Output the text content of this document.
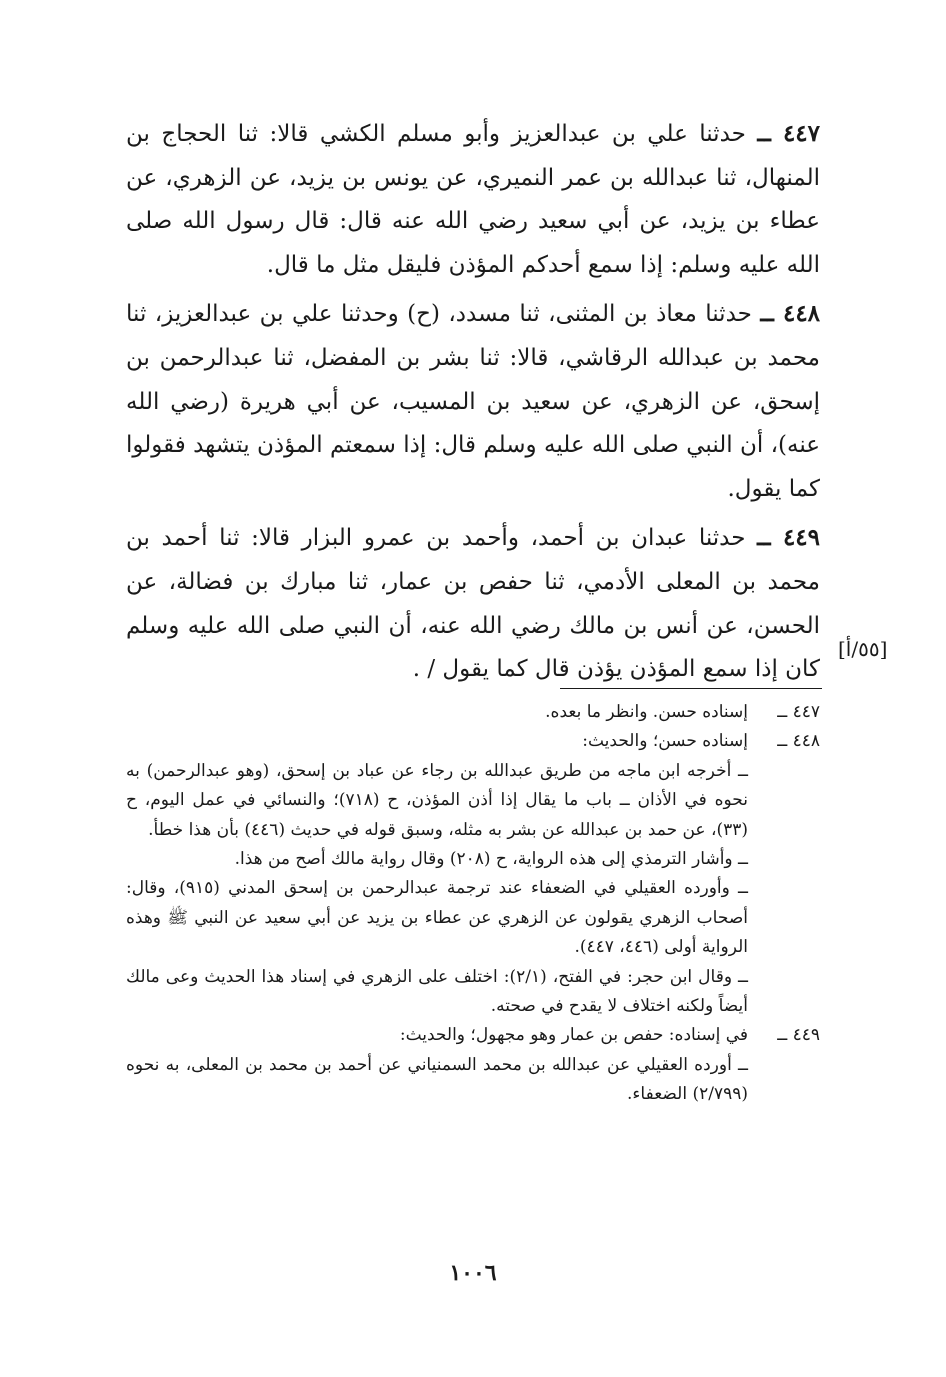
٤٤٧ ــ حدثنا علي بن عبدالعزيز وأبو مسلم الكشي قالا: ثنا الحجاج بن المنهال، ثنا عبدالله بن عمر النميري، عن يونس بن يزيد، عن الزهري، عن عطاء بن يزيد، عن أبي سعيد رضي الله عنه قال: قال رسول الله صلى الله عليه وسلم: إذا سمع أحدكم المؤذن فليقل مثل ما قال.

٤٤٨ ــ حدثنا معاذ بن المثنى، ثنا مسدد، (ح) وحدثنا علي بن عبدالعزيز، ثنا محمد بن عبدالله الرقاشي، قالا: ثنا بشر بن المفضل، ثنا عبدالرحمن بن إسحق، عن الزهري، عن سعيد بن المسيب، عن أبي هريرة (رضي الله عنه)، أن النبي صلى الله عليه وسلم قال: إذا سمعتم المؤذن يتشهد فقولوا كما يقول.

٤٤٩ ــ حدثنا عبدان بن أحمد، وأحمد بن عمرو البزار قالا: ثنا أحمد بن محمد بن المعلى الأدمي، ثنا حفص بن عمار، ثنا مبارك بن فضالة، عن الحسن، عن أنس بن مالك رضي الله عنه، أن النبي صلى الله عليه وسلم كان إذا سمع المؤذن يؤذن قال كما يقول / .

[٥٥/أ]
٤٤٧ ــ
إسناده حسن. وانظر ما بعده.
٤٤٨ ــ
إسناده حسن؛ والحديث:
ــ أخرجه ابن ماجه من طريق عبدالله بن رجاء عن عباد بن إسحق، (وهو عبدالرحمن) به نحوه في الأذان ــ باب ما يقال إذا أذن المؤذن، ح (٧١٨)؛ والنسائي في عمل اليوم، ح (٣٣)، عن حمد بن عبدالله عن بشر به مثله، وسبق قوله في حديث (٤٤٦) بأن هذا خطأ.
ــ وأشار الترمذي إلى هذه الرواية، ح (٢٠٨) وقال رواية مالك أصح من هذا.
ــ وأورده العقيلي في الضعفاء عند ترجمة عبدالرحمن بن إسحق المدني (٩١٥)، وقال: أصحاب الزهري يقولون عن الزهري عن عطاء بن يزيد عن أبي سعيد عن النبي ﷺ وهذه الرواية أولى (٤٤٦، ٤٤٧).
ــ وقال ابن حجر: في الفتح، (٢/١): اختلف على الزهري في إسناد هذا الحديث وعى مالك أيضاً ولكنه اختلاف لا يقدح في صحته.
٤٤٩ ــ
في إسناده: حفص بن عمار وهو مجهول؛ والحديث:
ــ أورده العقيلي عن عبدالله بن محمد السمنياني عن أحمد بن محمد بن المعلى، به نحوه (٢/٧٩٩) الضعفاء.
١٠٠٦
